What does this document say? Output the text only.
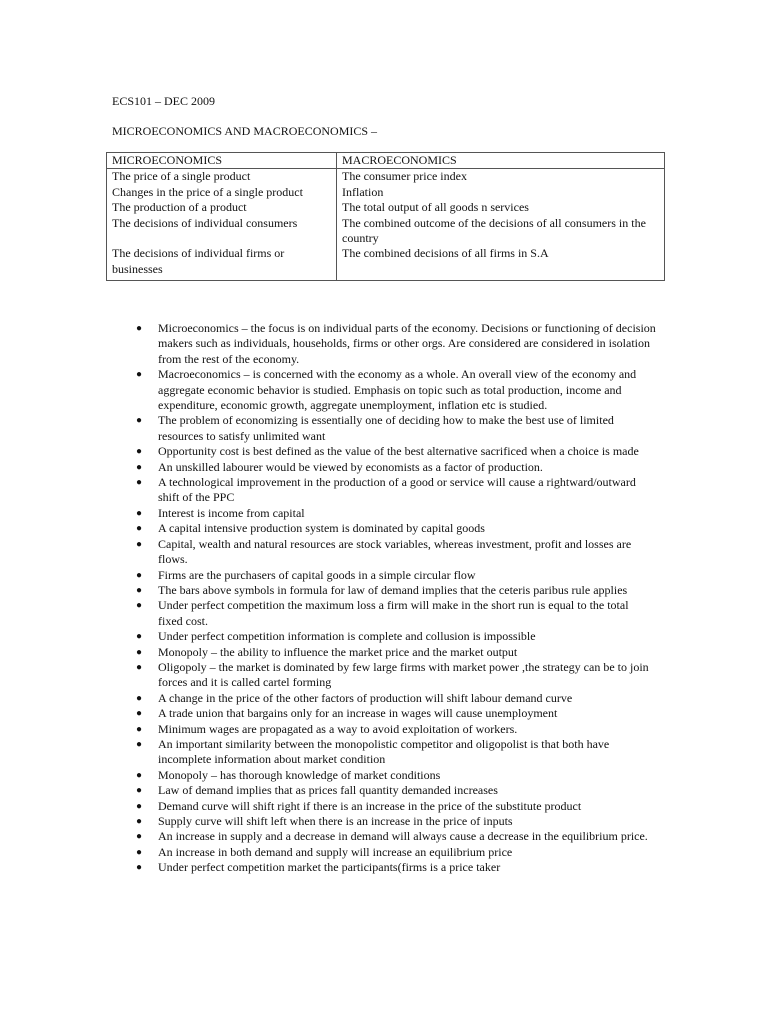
ECS101 – DEC 2009

MICROECONOMICS AND MACROECONOMICS –

MICROECONOMICS	MACROECONOMICS
The price of a single product	The consumer price index
Changes in the price of a single product	Inflation
The production of a product	The total output of all goods n services
The decisions of individual consumers	The combined outcome of the decisions of all consumers in the country
The decisions of individual firms or businesses	The combined decisions of all firms in S.A
● Microeconomics – the focus is on individual parts of the economy. Decisions or functioning of decision makers such as individuals, households, firms or other orgs. Are considered are considered in isolation from the rest of the economy.
● Macroeconomics – is concerned with the economy as a whole. An overall view of the economy and aggregate economic behavior is studied. Emphasis on topic such as total production, income and expenditure, economic growth, aggregate unemployment, inflation etc is studied.
● The problem of economizing is essentially one of deciding how to make the best use of limited resources to satisfy unlimited want
● Opportunity cost is best defined as the value of the best alternative sacrificed when a choice is made
● An unskilled labourer would be viewed by economists as a factor of production.
● A technological improvement in the production of a good or service will cause a rightward/outward shift of the PPC
● Interest is income from capital
● A capital intensive production system is dominated by capital goods
● Capital, wealth and natural resources are stock variables, whereas investment, profit and losses are flows.
● Firms are the purchasers of capital goods in a simple circular flow
● The bars above symbols in formula for law of demand implies that the ceteris paribus rule applies
● Under perfect competition the maximum loss a firm will make in the short run is equal to the total fixed cost.
● Under perfect competition information is complete and collusion is impossible
● Monopoly – the ability to influence the market price and the market output
● Oligopoly – the market is dominated by few large firms with market power ,the strategy can be to join forces and it is called cartel forming
● A change in the price of the other factors of production will shift labour demand curve
● A trade union that bargains only for an increase in wages will cause unemployment
● Minimum wages are propagated as a way to avoid exploitation of workers.
● An important similarity between the monopolistic competitor and oligopolist is that both have incomplete information about market condition
● Monopoly – has thorough knowledge of market conditions
● Law of demand implies that as prices fall quantity demanded increases
● Demand curve will shift right if there is an increase in the price of the substitute product
● Supply curve will shift left when there is an increase in the price of inputs
● An increase in supply and a decrease in demand will always cause a decrease in the equilibrium price.
● An increase in both demand and supply will increase an equilibrium price
● Under perfect competition market the participants(firms is a price taker
